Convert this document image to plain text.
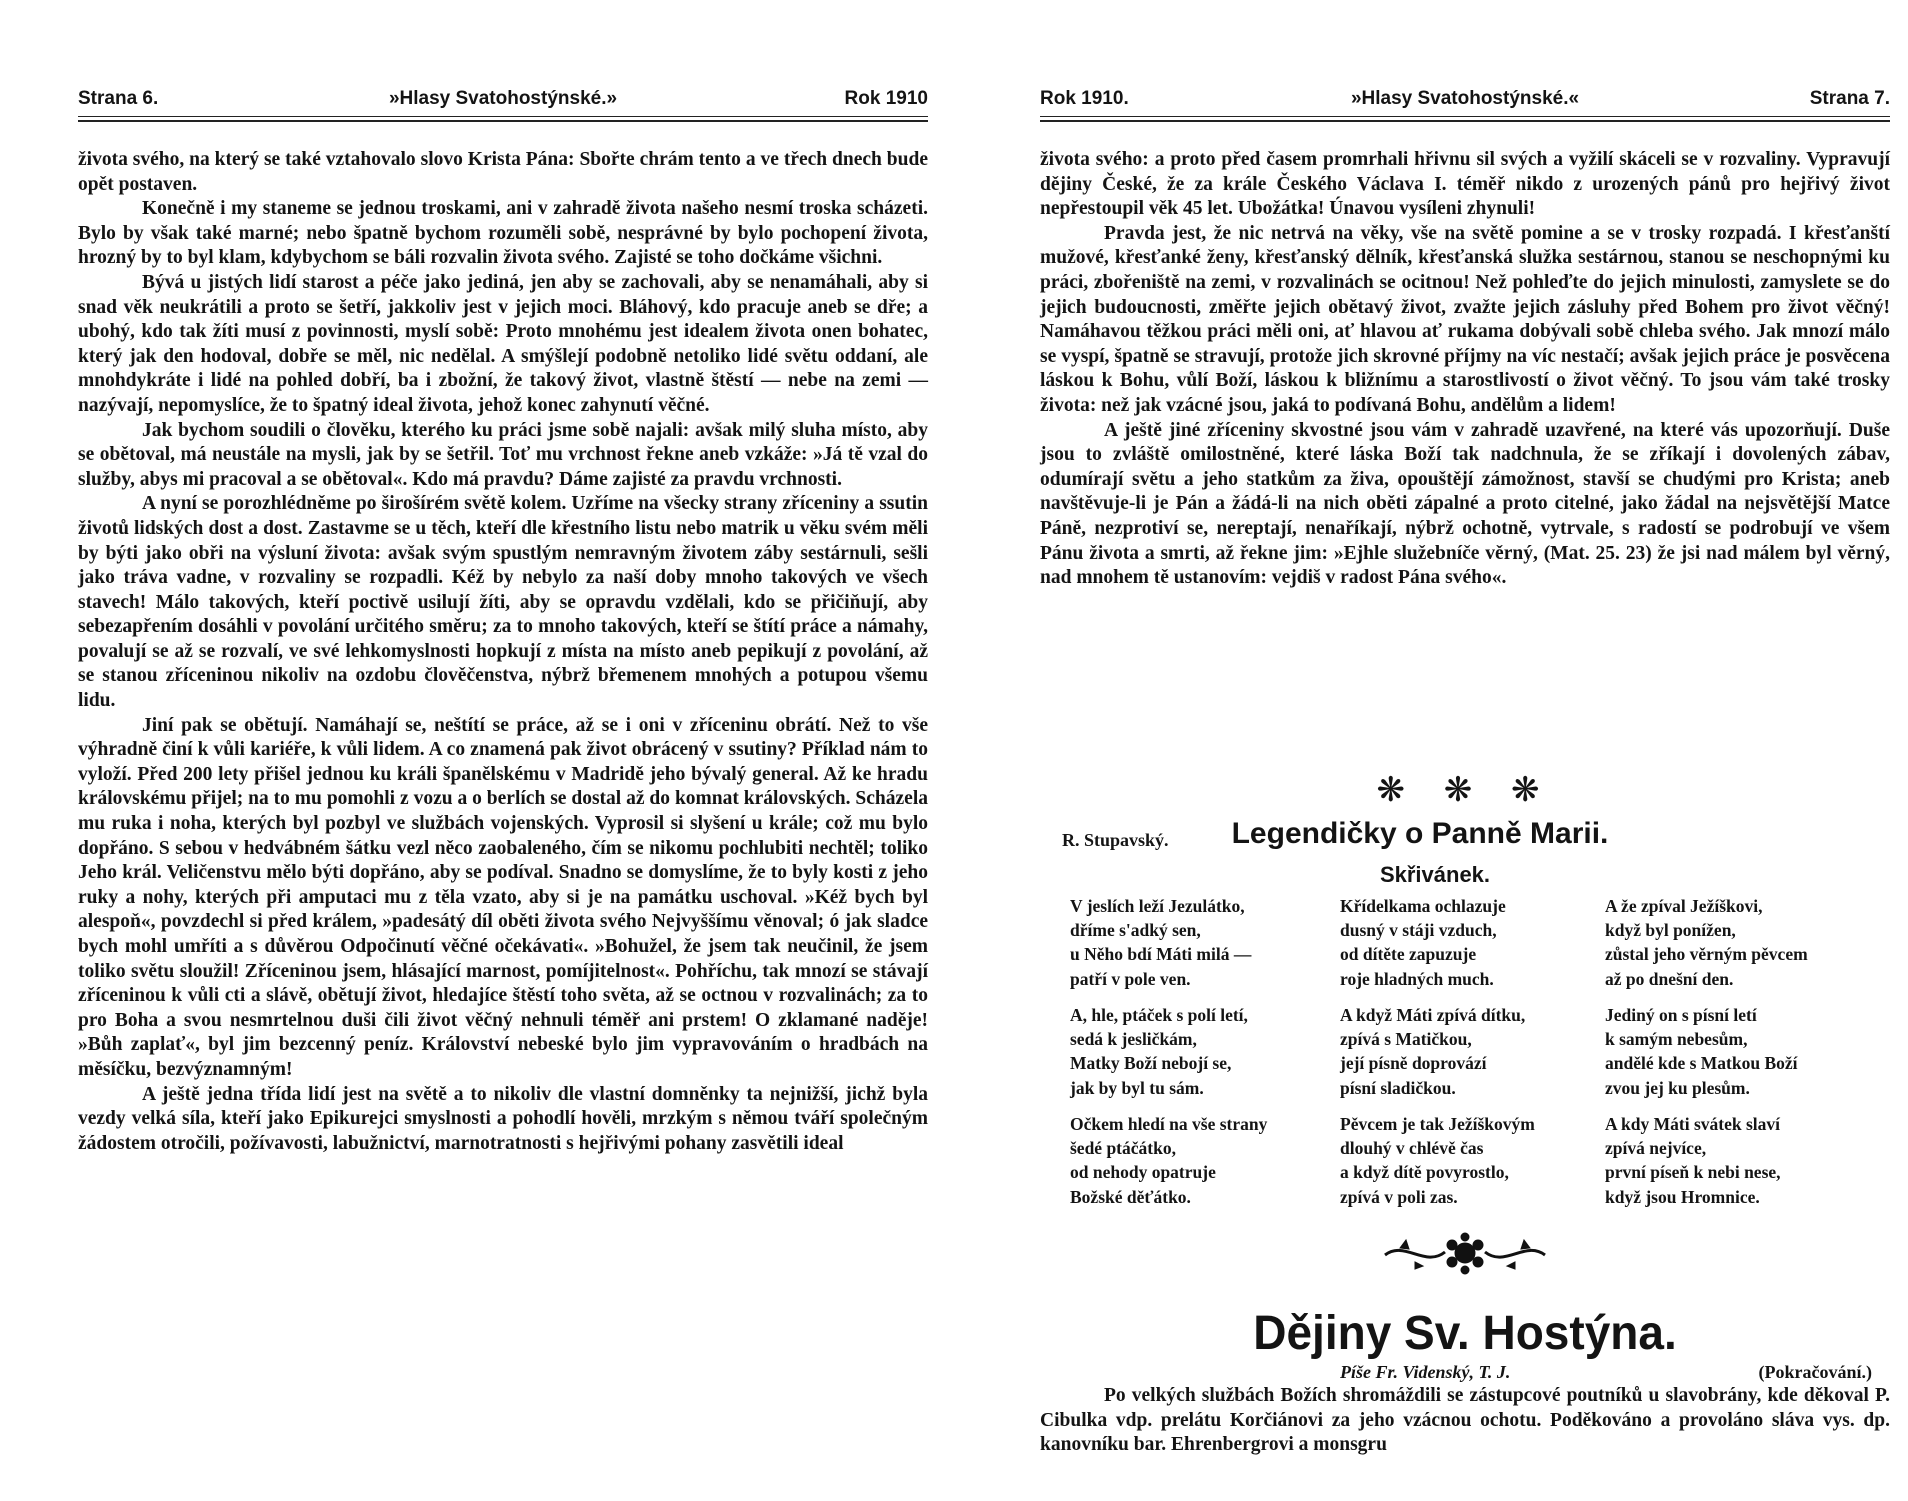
Strana 6.	»Hlasy Svatohostýnské.»	Rok 1910

života svého, na který se také vztahovalo slovo Krista Pána: Sbořte chrám tento a ve třech dnech bude opět postaven.

Konečně i my staneme se jednou troskami, ani v zahradě života našeho nesmí troska scházeti. Bylo by však také marné; nebo špatně bychom rozuměli sobě, nesprávné by bylo pochopení života, hrozný by to byl klam, kdybychom se báli rozvalin života svého. Zajisté se toho dočkáme všichni.

Bývá u jistých lidí starost a péče jako jediná, jen aby se zachovali, aby se nenamáhali, aby si snad věk neukrátili a proto se šetří, jakkoliv jest v jejich moci. Bláhový, kdo pracuje aneb se dře; a ubohý, kdo tak žíti musí z povinnosti, myslí sobě: Proto mnohému jest idealem života onen bohatec, který jak den hodoval, dobře se měl, nic nedělal. A smýšlejí podobně netoliko lidé světu oddaní, ale mnohdykráte i lidé na pohled dobří, ba i zbožní, že takový život, vlastně štěstí — nebe na zemi — nazývají, nepomyslíce, že to špatný ideal života, jehož konec zahynutí věčné.

Jak bychom soudili o člověku, kterého ku práci jsme sobě najali: avšak milý sluha místo, aby se obětoval, má neustále na mysli, jak by se šetřil. Toť mu vrchnost řekne aneb vzkáže: »Já tě vzal do služby, abys mi pracoval a se obětoval«. Kdo má pravdu? Dáme zajisté za pravdu vrchnosti.

A nyní se porozhlédněme po širošírém světě kolem. Uzříme na všecky strany zříceniny a ssutin životů lidských dost a dost. Zastavme se u těch, kteří dle křestního listu nebo matrik u věku svém měli by býti jako obři na výsluní života: avšak svým spustlým nemravným životem záby sestárnuli, sešli jako tráva vadne, v rozvaliny se rozpadli. Kéž by nebylo za naší doby mnoho takových ve všech stavech! Málo takových, kteří poctivě usilují žíti, aby se opravdu vzdělali, kdo se přičiňují, aby sebezapřením dosáhli v povolání určitého směru; za to mnoho takových, kteří se štítí práce a námahy, povalují se až se rozvalí, ve své lehkomyslnosti hopkují z místa na místo aneb pepikují z povolání, až se stanou zříceninou nikoliv na ozdobu člověčenstva, nýbrž břemenem mnohých a potupou všemu lidu.

Jiní pak se obětují. Namáhají se, neštítí se práce, až se i oni v zříceninu obrátí. Než to vše výhradně činí k vůli kariéře, k vůli lidem. A co znamená pak život obrácený v ssutiny? Příklad nám to vyloží. Před 200 lety přišel jednou ku králi španělskému v Madridě jeho bývalý general. Až ke hradu královskému přijel; na to mu pomohli z vozu a o berlích se dostal až do komnat královských. Scházela mu ruka i noha, kterých byl pozbyl ve službách vojenských. Vyprosil si slyšení u krále; což mu bylo dopřáno. S sebou v hedvábném šátku vezl něco zaobaleného, čím se nikomu pochlubiti nechtěl; toliko Jeho král. Veličenstvu mělo býti dopřáno, aby se podíval. Snadno se domyslíme, že to byly kosti z jeho ruky a nohy, kterých při amputaci mu z těla vzato, aby si je na památku uschoval. »Kéž bych byl alespoň«, povzdechl si před králem, »padesátý díl oběti života svého Nejvyššímu věnoval; ó jak sladce bych mohl umříti a s důvěrou Odpočinutí věčné očekávati«. »Bohužel, že jsem tak neučinil, že jsem toliko světu sloužil! Zříceninou jsem, hlásající marnost, pomíjitelnost«. Pohříchu, tak mnozí se stávají zříceninou k vůli cti a slávě, obětují život, hledajíce štěstí toho světa, až se octnou v rozvalinách; za to pro Boha a svou nesmrtelnou duši čili život věčný nehnuli téměř ani prstem! O zklamané naděje! »Bůh zaplať«, byl jim bezcenný peníz. Království nebeské bylo jim vypravováním o hradbách na měsíčku, bezvýznamným!

A ještě jedna třída lidí jest na světě a to nikoliv dle vlastní domněnky ta nejnižší, jichž byla vezdy velká síla, kteří jako Epikurejci smyslnosti a pohodlí hověli, mrzkým s němou tváří společným žádostem otročili, požívavosti, labužnictví, marnotratnosti s hejřivými pohany zasvětili ideal

Rok 1910.	»Hlasy Svatohostýnské.«	Strana 7.

života svého: a proto před časem promrhali hřivnu sil svých a vyžilí skáceli se v rozvaliny. Vypravují dějiny České, že za krále Českého Václava I. téměř nikdo z urozených pánů pro hejřivý život nepřestoupil věk 45 let. Ubožátka! Únavou vysíleni zhynuli!

Pravda jest, že nic netrvá na věky, vše na světě pomine a se v trosky rozpadá. I křesťanští mužové, křesťanké ženy, křesťanský dělník, křesťanská služka sestárnou, stanou se neschopnými ku práci, zbořeniště na zemi, v rozvalinách se ocitnou! Než pohleďte do jejich minulosti, zamyslete se do jejich budoucnosti, změřte jejich obětavý život, zvažte jejich zásluhy před Bohem pro život věčný! Namáhavou těžkou práci měli oni, ať hlavou ať rukama dobývali sobě chleba svého. Jak mnozí málo se vyspí, špatně se stravují, protože jich skrovné příjmy na víc nestačí; avšak jejich práce je posvěcena láskou k Bohu, vůlí Boží, láskou k bližnímu a starostlivostí o život věčný. To jsou vám také trosky života: než jak vzácné jsou, jaká to podívaná Bohu, andělům a lidem!

A ještě jiné zříceniny skvostné jsou vám v zahradě uzavřené, na které vás upozorňují. Duše jsou to zvláště omilostněné, které láska Boží tak nadchnula, že se zříkají i dovolených zábav, odumírají světu a jeho statkům za živa, opouštějí zámožnost, stavší se chudými pro Krista; aneb navštěvuje-li je Pán a žádá-li na nich oběti zápalné a proto citelné, jako žádal na nejsvětější Matce Páně, nezprotiví se, nereptají, nenaříkají, nýbrž ochotně, vytrvale, s radostí se podrobují ve všem Pánu života a smrti, až řekne jim: »Ejhle služebníče věrný, (Mat. 25. 23) že jsi nad málem byl věrný, nad mnohem tě ustanovím: vejdiš v radost Pána svého«.

❋ ❋ ❋
R. Stupavský.	Legendičky o Panně Marii.
Skřivánek.
V jeslích leží Jezulátko,
dříme s'adký sen,
u Něho bdí Máti milá —
patří v pole ven.
Křídelkama ochlazuje
dusný v stáji vzduch,
od dítěte zapuzuje
roje hladných much.
A že zpíval Ježíškovi,
když byl ponížen,
zůstal jeho věrným pěvcem
až po dnešní den.
A, hle, ptáček s polí letí,
sedá k jesličkám,
Matky Boží nebojí se,
jak by byl tu sám.
A když Máti zpívá dítku,
zpívá s Matičkou,
její písně doprovází
písní sladičkou.
Jediný on s písní letí
k samým nebesům,
andělé kde s Matkou Boží
zvou jej ku plesům.
Očkem hledí na vše strany
šedé ptáčátko,
od nehody opatruje
Božské děťátko.
Pěvcem je tak Ježíškovým
dlouhý v chlévě čas
a když dítě povyrostlo,
zpívá v poli zas.
A kdy Máti svátek slaví
zpívá nejvíce,
první píseň k nebi nese,
když jsou Hromnice.
Dějiny Sv. Hostýna.
Píše Fr. Videnský, T. J.	(Pokračování.)

Po velkých službách Božích shromáždili se zástupcové poutníků u slavobrány, kde děkoval P. Cibulka vdp. prelátu Korčiánovi za jeho vzácnou ochotu. Poděkováno a provoláno sláva vys. dp. kanovníku bar. Ehrenbergrovi a monsgru
